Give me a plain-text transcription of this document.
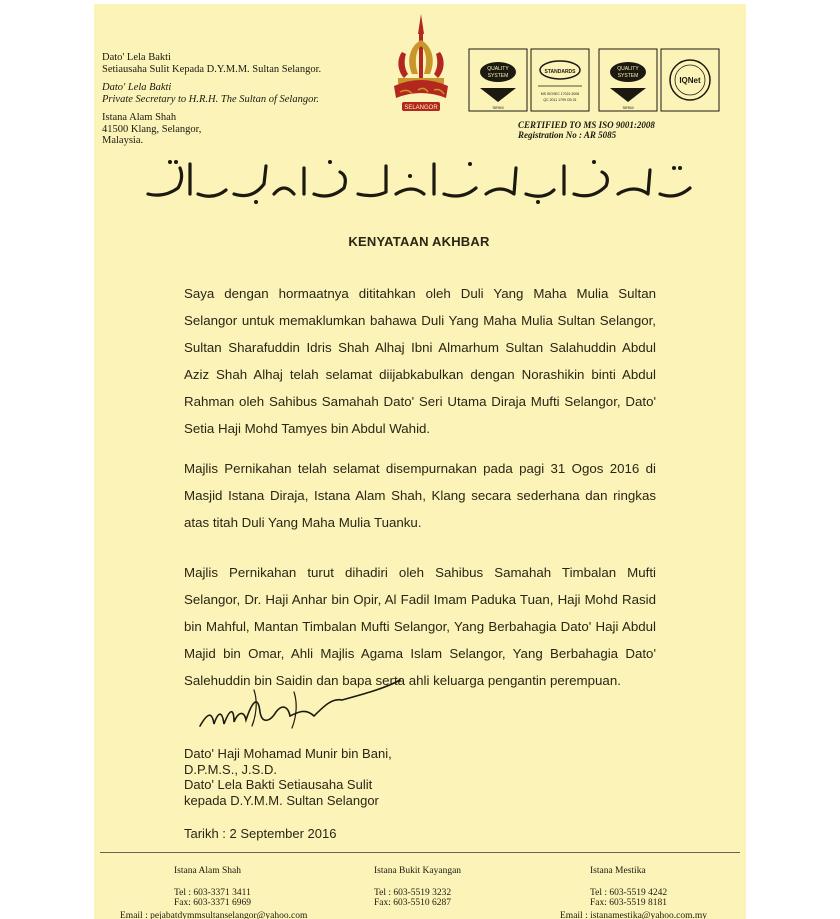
Dato' Lela Bakti
Setiausaha Sulit Kepada D.Y.M.M. Sultan Selangor.
Dato' Lela Bakti
Private Secretary to H.R.H. The Sultan of Selangor.
Istana Alam Shah
41500 Klang, Selangor,
Malaysia.
SELANGOR
QUALITY
SYSTEM
SIRIM
STANDARDS
MS ISO/IEC 17021:2006
QC 2011 1799 CB 01
QUALITY
SYSTEM
SIRIM
IQNet
CERTIFIED TO MS ISO 9001:2008
Registration No : AR 5085
KENYATAAN AKHBAR
Saya dengan hormaatnya dititahkan oleh Duli Yang Maha Mulia Sultan Selangor untuk memaklumkan bahawa Duli Yang Maha Mulia Sultan Selangor, Sultan Sharafuddin Idris Shah Alhaj Ibni Almarhum Sultan Salahuddin Abdul Aziz Shah Alhaj telah selamat diijabkabulkan dengan Norashikin binti Abdul Rahman oleh Sahibus Samahah Dato' Seri Utama Diraja Mufti Selangor, Dato' Setia Haji Mohd Tamyes bin Abdul Wahid.
Majlis Pernikahan telah selamat disempurnakan pada pagi 31 Ogos 2016 di Masjid Istana Diraja, Istana Alam Shah, Klang secara sederhana dan ringkas atas titah Duli Yang Maha Mulia Tuanku.
Majlis Pernikahan turut dihadiri oleh Sahibus Samahah Timbalan Mufti Selangor, Dr. Haji Anhar bin Opir, Al Fadil Imam Paduka Tuan, Haji Mohd Rasid bin Mahful, Mantan Timbalan Mufti Selangor, Yang Berbahagia Dato' Haji Abdul Majid bin Omar, Ahli Majlis Agama Islam Selangor, Yang Berbahagia Dato' Salehuddin bin Saidin dan bapa serta ahli keluarga pengantin perempuan.
Dato' Haji Mohamad Munir bin Bani,
D.P.M.S., J.S.D.
Dato' Lela Bakti Setiausaha Sulit
kepada D.Y.M.M. Sultan Selangor
Tarikh : 2 September 2016
Istana Alam Shah
Tel : 603-3371 3411
Fax: 603-3371 6969
Istana Bukit Kayangan
Tel : 603-5519 3232
Fax: 603-5510 6287
Istana Mestika
Tel : 603-5519 4242
Fax: 603-5519 8181
Email : pejabatdymmsultanselangor@yahoo.com	Email : istanamestika@yahoo.com.my
